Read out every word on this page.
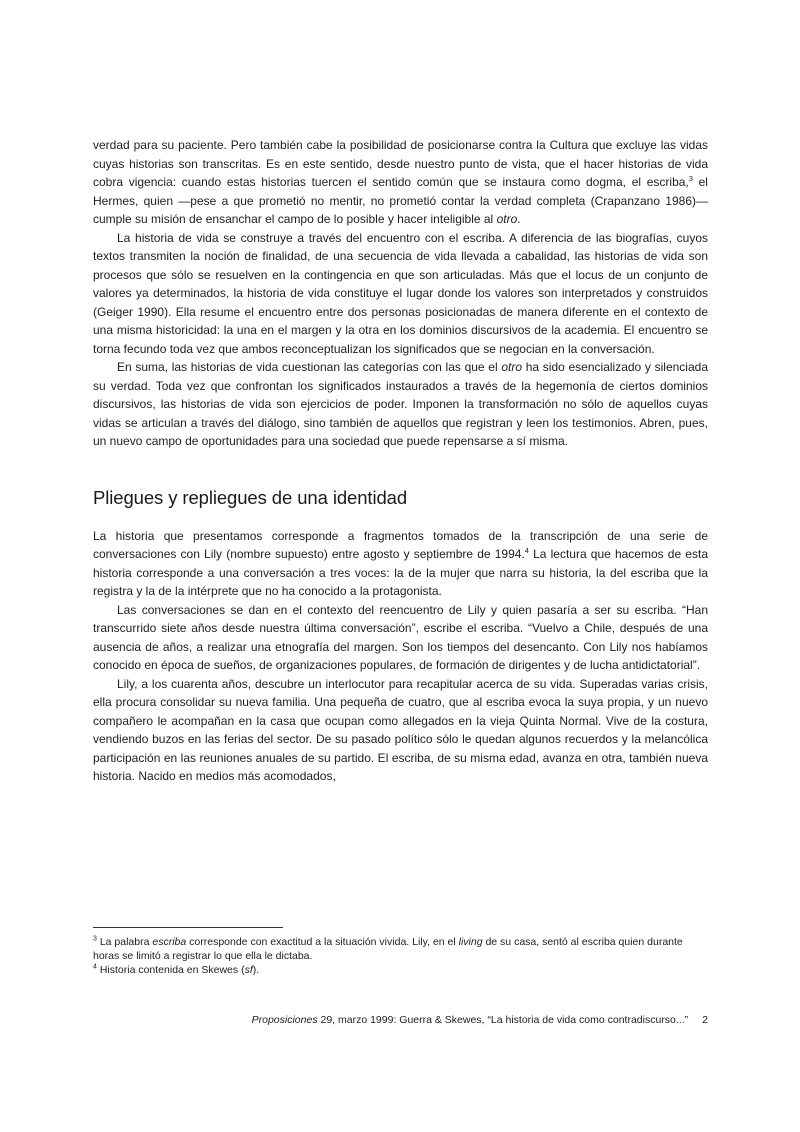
verdad para su paciente. Pero también cabe la posibilidad de posicionarse contra la Cultura que excluye las vidas cuyas historias son transcritas. Es en este sentido, desde nuestro punto de vista, que el hacer historias de vida cobra vigencia: cuando estas historias tuercen el sentido común que se instaura como dogma, el escriba,$^3$ el Hermes, quien —pese a que prometió no mentir, no prometió contar la verdad completa (Crapanzano 1986)— cumple su misión de ensanchar el campo de lo posible y hacer inteligible al otro.

La historia de vida se construye a través del encuentro con el escriba. A diferencia de las biografías, cuyos textos transmiten la noción de finalidad, de una secuencia de vida llevada a cabalidad, las historias de vida son procesos que sólo se resuelven en la contingencia en que son articuladas. Más que el locus de un conjunto de valores ya determinados, la historia de vida constituye el lugar donde los valores son interpretados y construidos (Geiger 1990). Ella resume el encuentro entre dos personas posicionadas de manera diferente en el contexto de una misma historicidad: la una en el margen y la otra en los dominios discursivos de la academia. El encuentro se torna fecundo toda vez que ambos reconceptualizan los significados que se negocian en la conversación.

En suma, las historias de vida cuestionan las categorías con las que el otro ha sido esencializado y silenciada su verdad. Toda vez que confrontan los significados instaurados a través de la hegemonía de ciertos dominios discursivos, las historias de vida son ejercicios de poder. Imponen la transformación no sólo de aquellos cuyas vidas se articulan a través del diálogo, sino también de aquellos que registran y leen los testimonios. Abren, pues, un nuevo campo de oportunidades para una sociedad que puede repensarse a sí misma.

Pliegues y repliegues de una identidad

La historia que presentamos corresponde a fragmentos tomados de la transcripción de una serie de conversaciones con Lily (nombre supuesto) entre agosto y septiembre de 1994.$^4$ La lectura que hacemos de esta historia corresponde a una conversación a tres voces: la de la mujer que narra su historia, la del escriba que la registra y la de la intérprete que no ha conocido a la protagonista.

Las conversaciones se dan en el contexto del reencuentro de Lily y quien pasaría a ser su escriba. “Han transcurrido siete años desde nuestra última conversación”, escribe el escriba. “Vuelvo a Chile, después de una ausencia de años, a realizar una etnografía del margen. Son los tiempos del desencanto. Con Lily nos habíamos conocido en época de sueños, de organizaciones populares, de formación de dirigentes y de lucha antidictatorial”.

Lily, a los cuarenta años, descubre un interlocutor para recapitular acerca de su vida. Superadas varias crisis, ella procura consolidar su nueva familia. Una pequeña de cuatro, que al escriba evoca la suya propia, y un nuevo compañero le acompañan en la casa que ocupan como allegados en la vieja Quinta Normal. Vive de la costura, vendiendo buzos en las ferias del sector. De su pasado político sólo le quedan algunos recuerdos y la melancólica participación en las reuniones anuales de su partido. El escriba, de su misma edad, avanza en otra, también nueva historia. Nacido en medios más acomodados,

$^3$ La palabra escriba corresponde con exactitud a la situación vivida. Lily, en el living de su casa, sentó al escriba quien durante horas se limitó a registrar lo que ella le dictaba.

$^4$ Historia contenida en Skewes (sf).

Proposiciones 29, marzo 1999: Guerra & Skewes, “La historia de vida como contradiscurso...” 2
